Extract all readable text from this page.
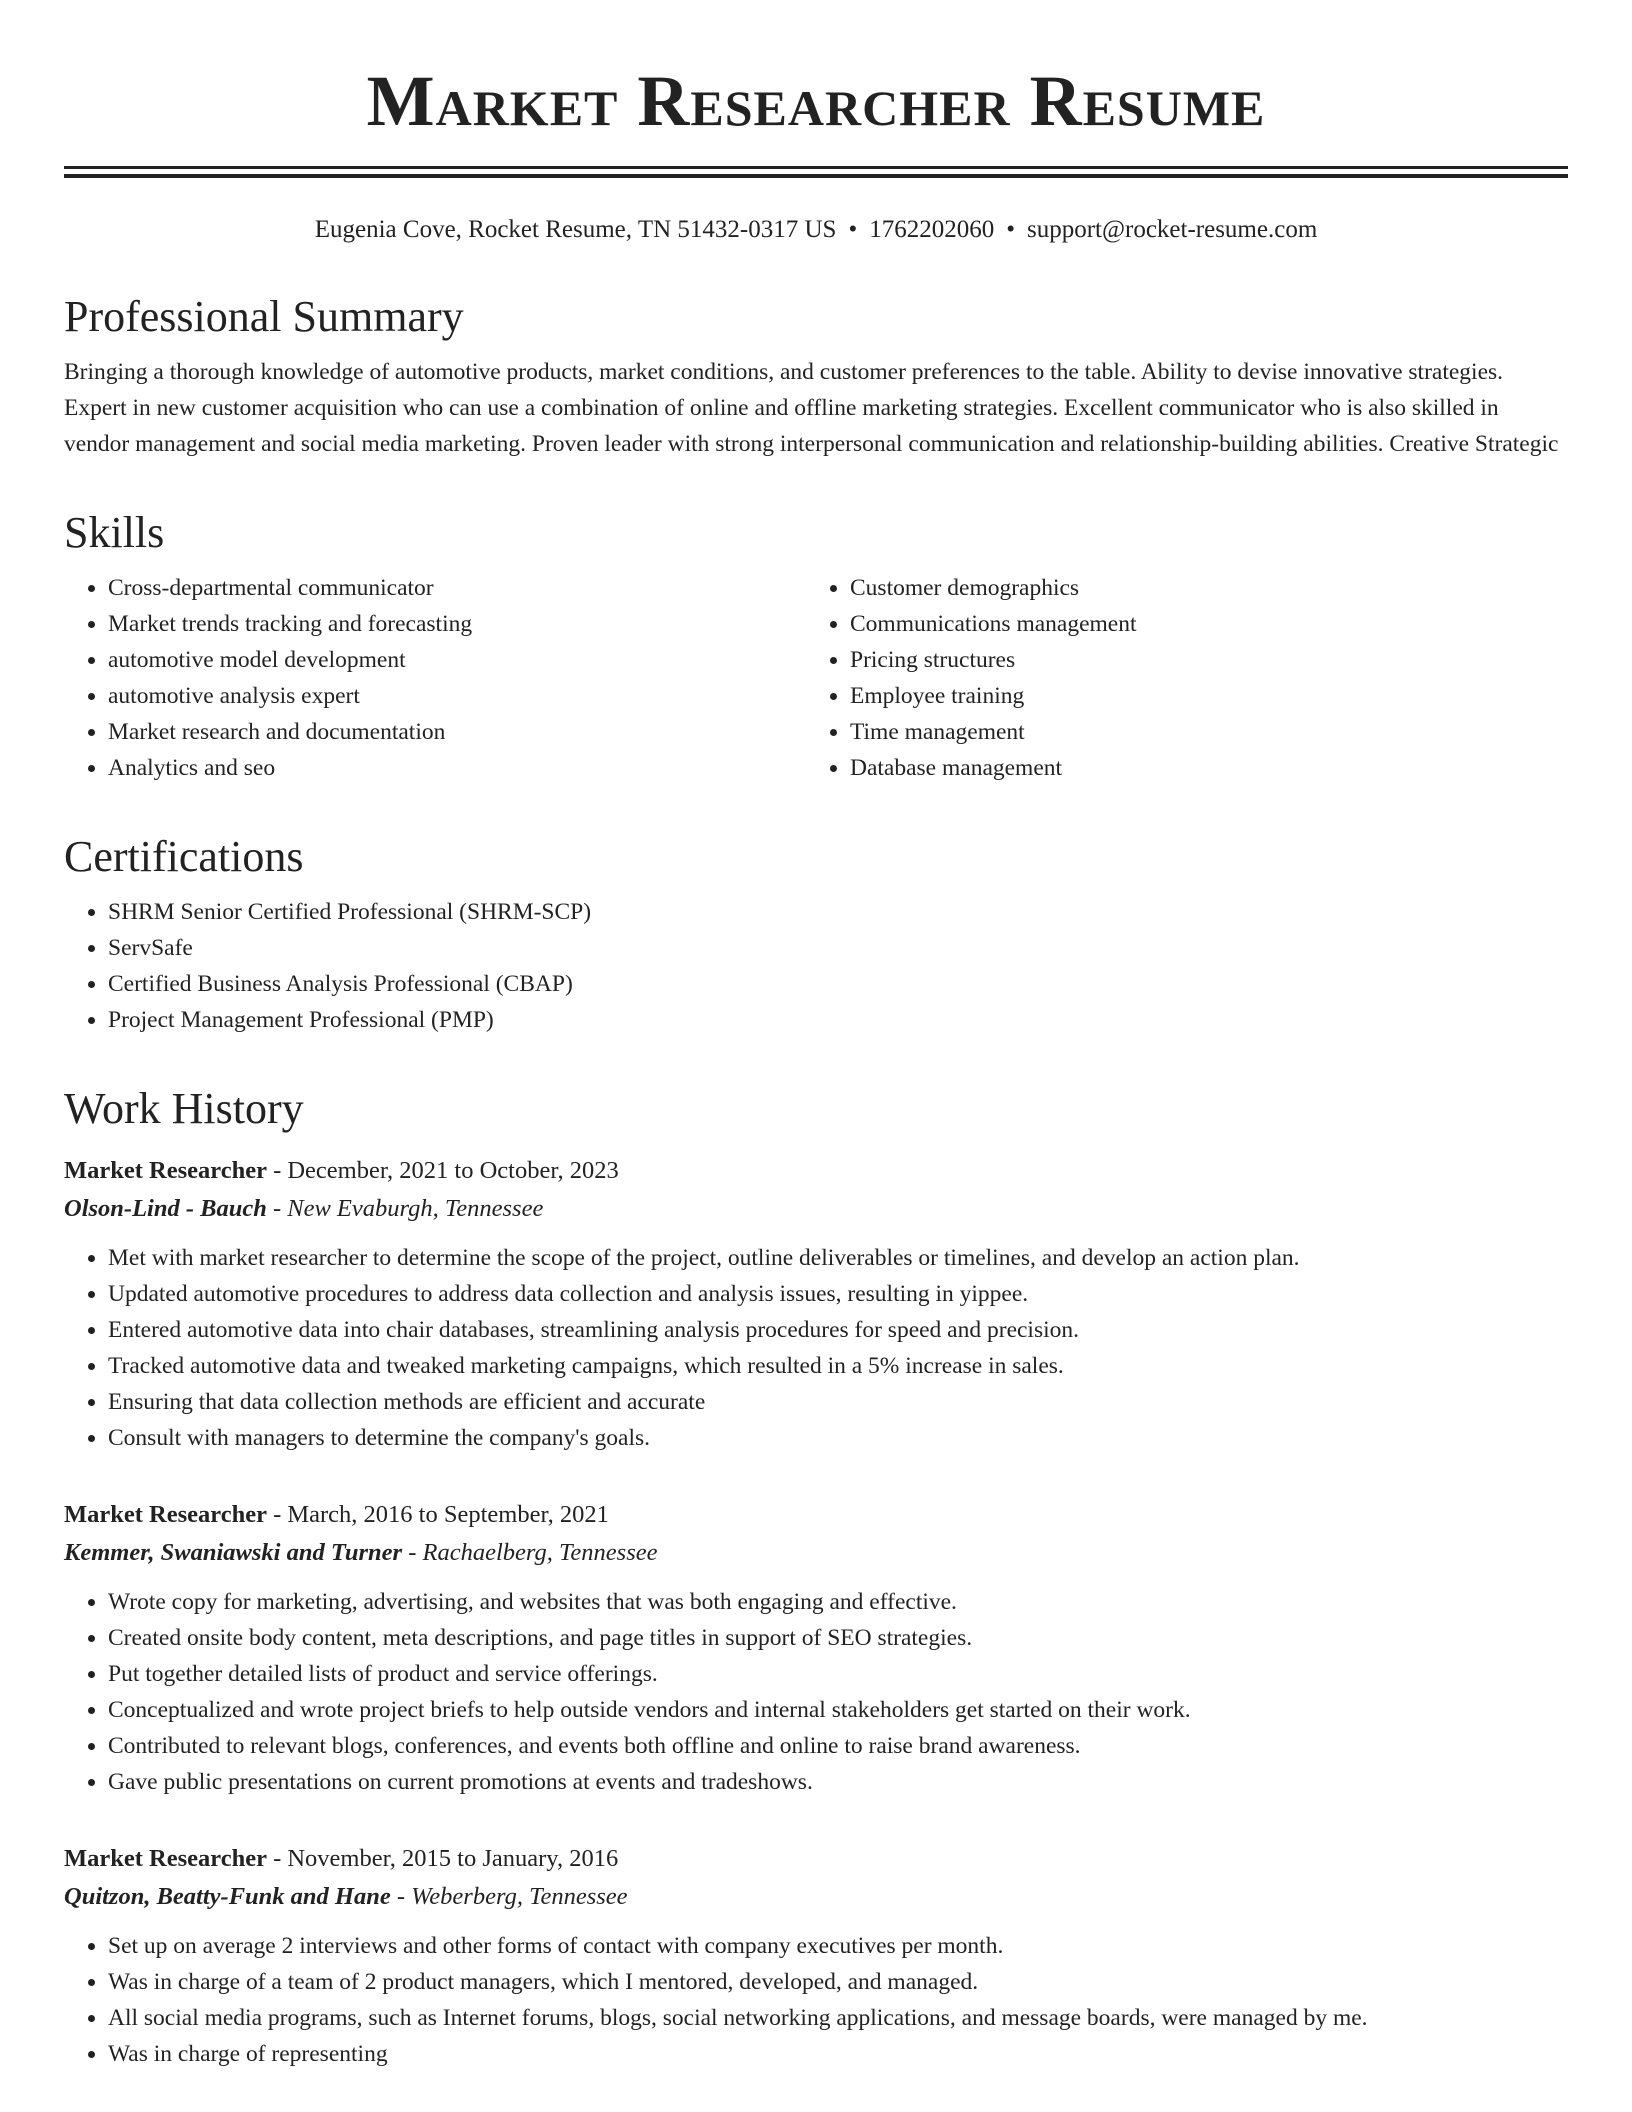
Market Researcher Resume
Eugenia Cove, Rocket Resume, TN 51432-0317 US • 1762202060 • support@rocket-resume.com
Professional Summary

Bringing a thorough knowledge of automotive products, market conditions, and customer preferences to the table. Ability to devise innovative strategies. Expert in new customer acquisition who can use a combination of online and offline marketing strategies. Excellent communicator who is also skilled in vendor management and social media marketing. Proven leader with strong interpersonal communication and relationship-building abilities. Creative Strategic

Skills
• Cross-departmental communicator
• Market trends tracking and forecasting
• automotive model development
• automotive analysis expert
• Market research and documentation
• Analytics and seo
• Customer demographics
• Communications management
• Pricing structures
• Employee training
• Time management
• Database management
Certifications
• SHRM Senior Certified Professional (SHRM-SCP)
• ServSafe
• Certified Business Analysis Professional (CBAP)
• Project Management Professional (PMP)
Work History
Market Researcher - December, 2021 to October, 2023
Olson-Lind - Bauch - New Evaburgh, Tennessee
• Met with market researcher to determine the scope of the project, outline deliverables or timelines, and develop an action plan.
• Updated automotive procedures to address data collection and analysis issues, resulting in yippee.
• Entered automotive data into chair databases, streamlining analysis procedures for speed and precision.
• Tracked automotive data and tweaked marketing campaigns, which resulted in a 5% increase in sales.
• Ensuring that data collection methods are efficient and accurate
• Consult with managers to determine the company's goals.
Market Researcher - March, 2016 to September, 2021
Kemmer, Swaniawski and Turner - Rachaelberg, Tennessee
• Wrote copy for marketing, advertising, and websites that was both engaging and effective.
• Created onsite body content, meta descriptions, and page titles in support of SEO strategies.
• Put together detailed lists of product and service offerings.
• Conceptualized and wrote project briefs to help outside vendors and internal stakeholders get started on their work.
• Contributed to relevant blogs, conferences, and events both offline and online to raise brand awareness.
• Gave public presentations on current promotions at events and tradeshows.
Market Researcher - November, 2015 to January, 2016
Quitzon, Beatty-Funk and Hane - Weberberg, Tennessee
• Set up on average 2 interviews and other forms of contact with company executives per month.
• Was in charge of a team of 2 product managers, which I mentored, developed, and managed.
• All social media programs, such as Internet forums, blogs, social networking applications, and message boards, were managed by me.
• Was in charge of representing
